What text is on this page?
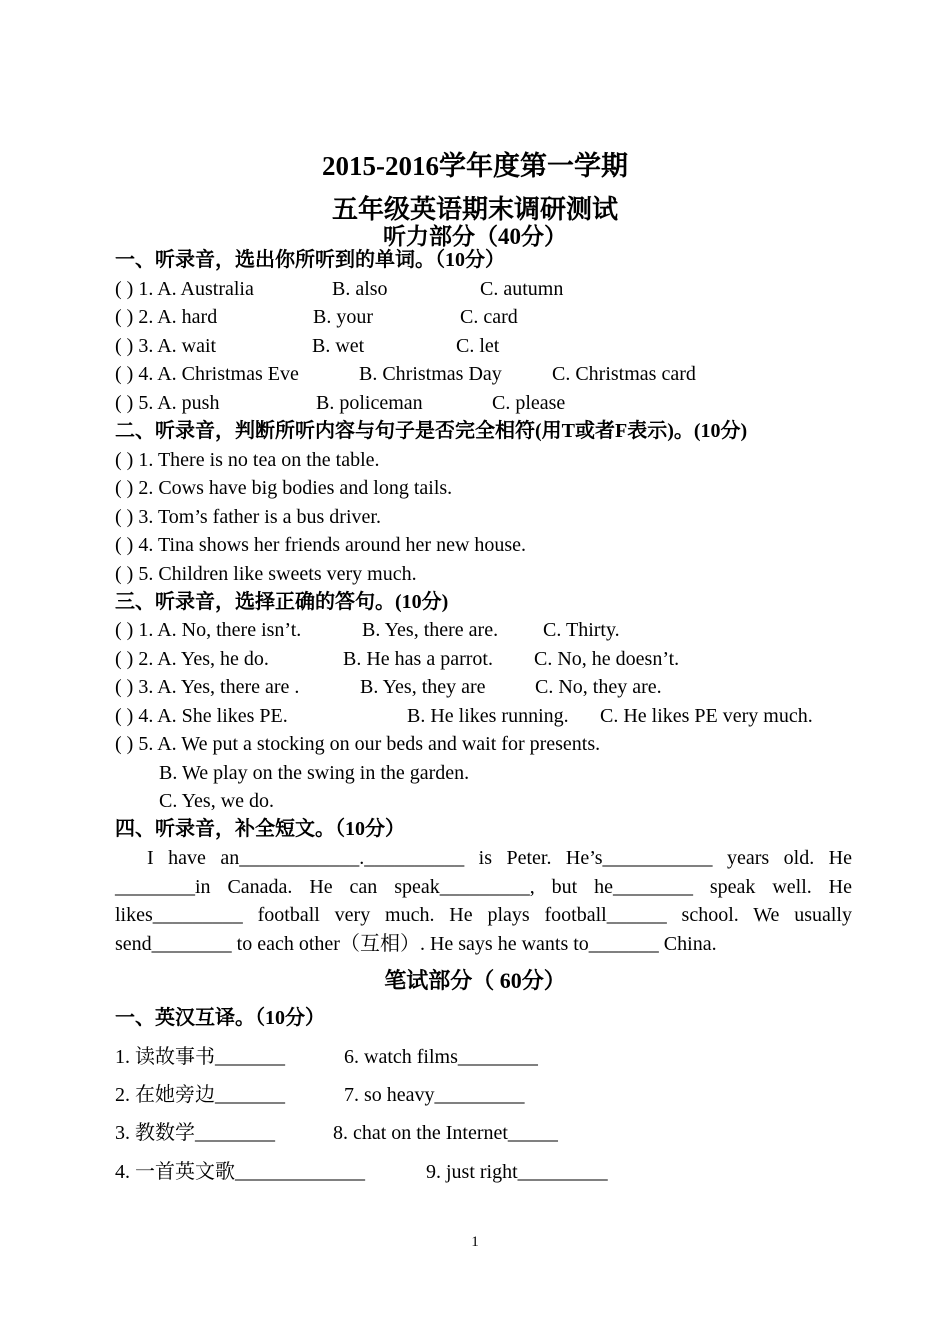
2015-2016学年度第一学期
五年级英语期末调研测试
听力部分（40分）
一、听录音，选出你所听到的单词。（10分）
( ) 1. A. Australia	B. also	C. autumn
( ) 2. A. hard	B. your	C. card
( ) 3. A. wait	B. wet	C. let
( ) 4. A. Christmas Eve	B. Christmas Day	C. Christmas card
( ) 5. A. push	B. policeman	C. please
二、听录音，判断所听内容与句子是否完全相符(用T或者F表示)。(10分)
( ) 1. There is no tea on the table.
( ) 2. Cows have big bodies and long tails.
( ) 3. Tom’s father is a bus driver.
( ) 4. Tina shows her friends around her new house.
( ) 5. Children like sweets very much.
三、听录音，选择正确的答句。(10分)
( ) 1. A. No, there isn’t.	B. Yes, there are. C. Thirty.
( ) 2. A. Yes, he do.	B. He has a parrot. C. No, he doesn’t.
( ) 3. A. Yes, there are .	B. Yes, they are C. No, they are.
( ) 4. A. She likes PE.	B. He likes running. C. He likes PE very much.
( ) 5. A. We put a stocking on our beds and wait for presents.
B. We play on the swing in the garden.
C. Yes, we do.
四、听录音，补全短文。（10分）
I have an____________.__________ is Peter. He’s___________ years old. He ________in Canada. He can speak_________, but he________ speak well. He likes_________ football very much. He plays football______ school. We usually send________ to each other（互相）. He says he wants to_______ China.
笔试部分（ 60分）
一、英汉互译。（10分）
1. 读故事书_______	6. watch films________
2. 在她旁边_______	7. so heavy_________
3. 教数学________	8. chat on the Internet_____
4. 一首英文歌_____________	9. just right_________
1
